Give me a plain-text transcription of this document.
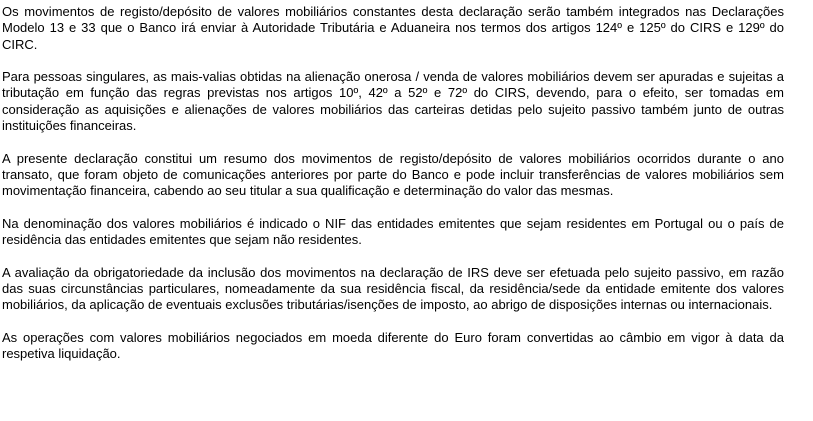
Os movimentos de registo/depósito de valores mobiliários constantes desta declaração serão também integrados nas Declarações Modelo 13 e 33 que o Banco irá enviar à Autoridade Tributária e Aduaneira nos termos dos artigos 124º e 125º do CIRS e 129º do CIRC.

Para pessoas singulares, as mais-valias obtidas na alienação onerosa / venda de valores mobiliários devem ser apuradas e sujeitas a tributação em função das regras previstas nos artigos 10º, 42º a 52º e 72º do CIRS, devendo, para o efeito, ser tomadas em consideração as aquisições e alienações de valores mobiliários das carteiras detidas pelo sujeito passivo também junto de outras instituições financeiras.

A presente declaração constitui um resumo dos movimentos de registo/depósito de valores mobiliários ocorridos durante o ano transato, que foram objeto de comunicações anteriores por parte do Banco e pode incluir transferências de valores mobiliários sem movimentação financeira, cabendo ao seu titular a sua qualificação e determinação do valor das mesmas.

Na denominação dos valores mobiliários é indicado o NIF das entidades emitentes que sejam residentes em Portugal ou o país de residência das entidades emitentes que sejam não residentes.

A avaliação da obrigatoriedade da inclusão dos movimentos na declaração de IRS deve ser efetuada pelo sujeito passivo, em razão das suas circunstâncias particulares, nomeadamente da sua residência fiscal, da residência/sede da entidade emitente dos valores mobiliários, da aplicação de eventuais exclusões tributárias/isenções de imposto, ao abrigo de disposições internas ou internacionais.

As operações com valores mobiliários negociados em moeda diferente do Euro foram convertidas ao câmbio em vigor à data da respetiva liquidação.
